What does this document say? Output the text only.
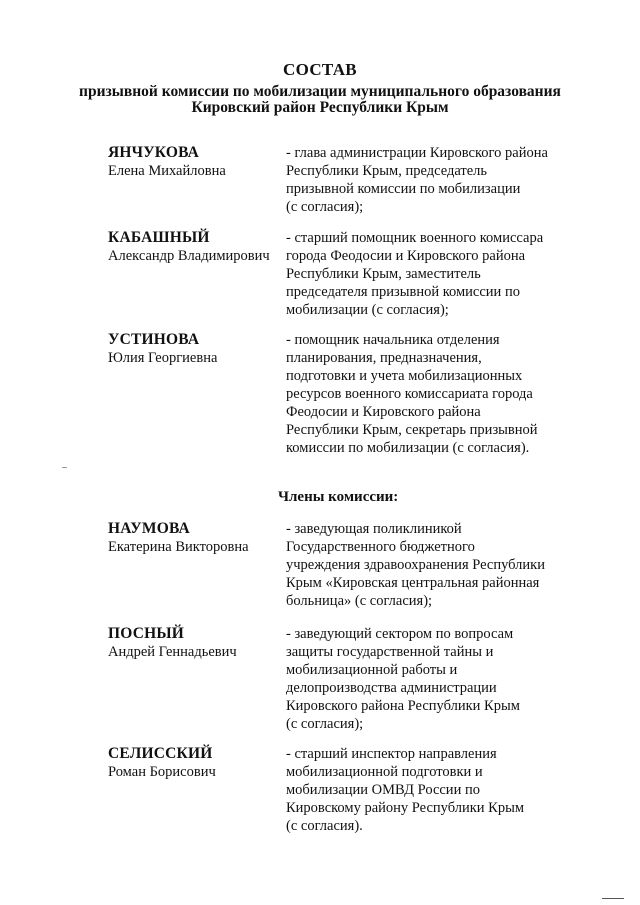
СОСТАВ
призывной комиссии по мобилизации муниципального образования
Кировский район Республики Крым
ЯНЧУКОВА
Елена Михайловна
- глава администрации Кировского района
Республики Крым, председатель
призывной комиссии по мобилизации
(с согласия);
КАБАШНЫЙ
Александр Владимирович
- старший помощник военного комиссара
города Феодосии и Кировского района
Республики Крым, заместитель
председателя призывной комиссии по
мобилизации (с согласия);
УСТИНОВА
Юлия Георгиевна
- помощник начальника отделения
планирования, предназначения,
подготовки и учета мобилизационных
ресурсов военного комиссариата города
Феодосии и Кировского района
Республики Крым, секретарь призывной
комиссии по мобилизации (с согласия).
Члены комиссии:
НАУМОВА
Екатерина Викторовна
- заведующая поликлиникой
Государственного бюджетного
учреждения здравоохранения Республики
Крым «Кировская центральная районная
больница» (с согласия);
ПОСНЫЙ
Андрей Геннадьевич
- заведующий сектором по вопросам
защиты государственной тайны и
мобилизационной работы и
делопроизводства администрации
Кировского района Республики Крым
(с согласия);
СЕЛИССКИЙ
Роман Борисович
- старший инспектор направления
мобилизационной подготовки и
мобилизации ОМВД России по
Кировскому району Республики Крым
(с согласия).
